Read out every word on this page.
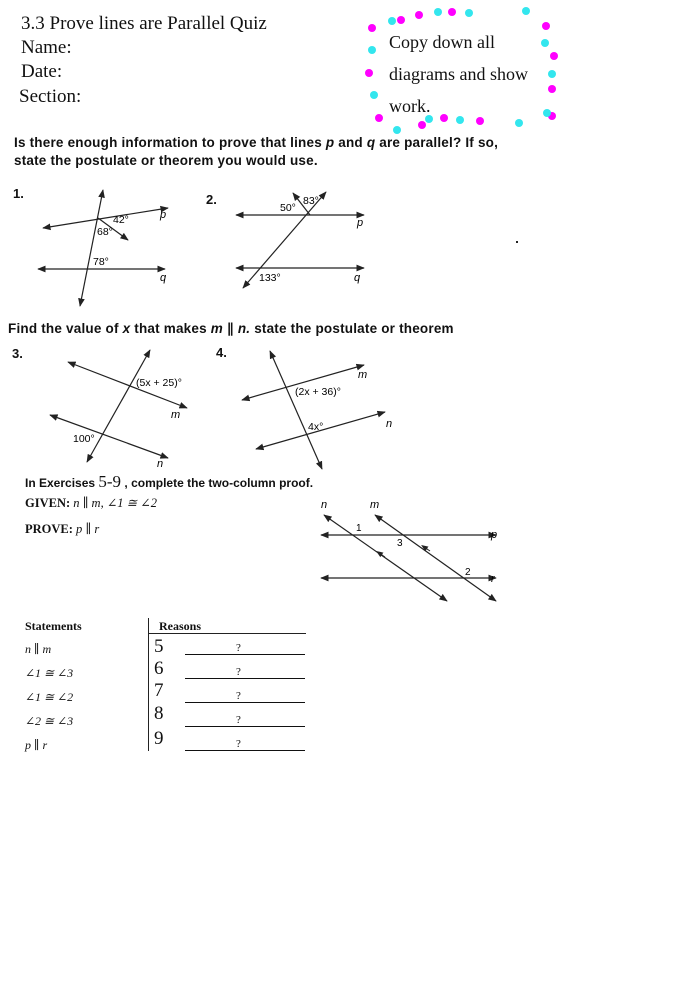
3.3 Prove lines are Parallel Quiz
Name:
Date:
Section:
Copy down all
diagrams and show
work.
Is there enough information to prove that lines p and q are parallel? If so,
state the postulate or theorem you would use.
1.
42°
68°
78°
p
q
2.
50°
83°
133°
p
q
Find the value of x that makes m ∥ n. state the postulate or theorem
3.
(5x + 25)°
100°
m
n
4.
(2x + 36)°
4x°
m
n
In Exercises 5-9 , complete the two-column proof.
GIVEN: n ∥ m, ∠1 ≅ ∠2
PROVE: p ∥ r
n	m
p
r
1
3
2
Statements	Reasons
n ∥ m	5	?
∠1 ≅ ∠3	6	?
∠1 ≅ ∠2	7	?
∠2 ≅ ∠3	8	?
p ∥ r	9	?
